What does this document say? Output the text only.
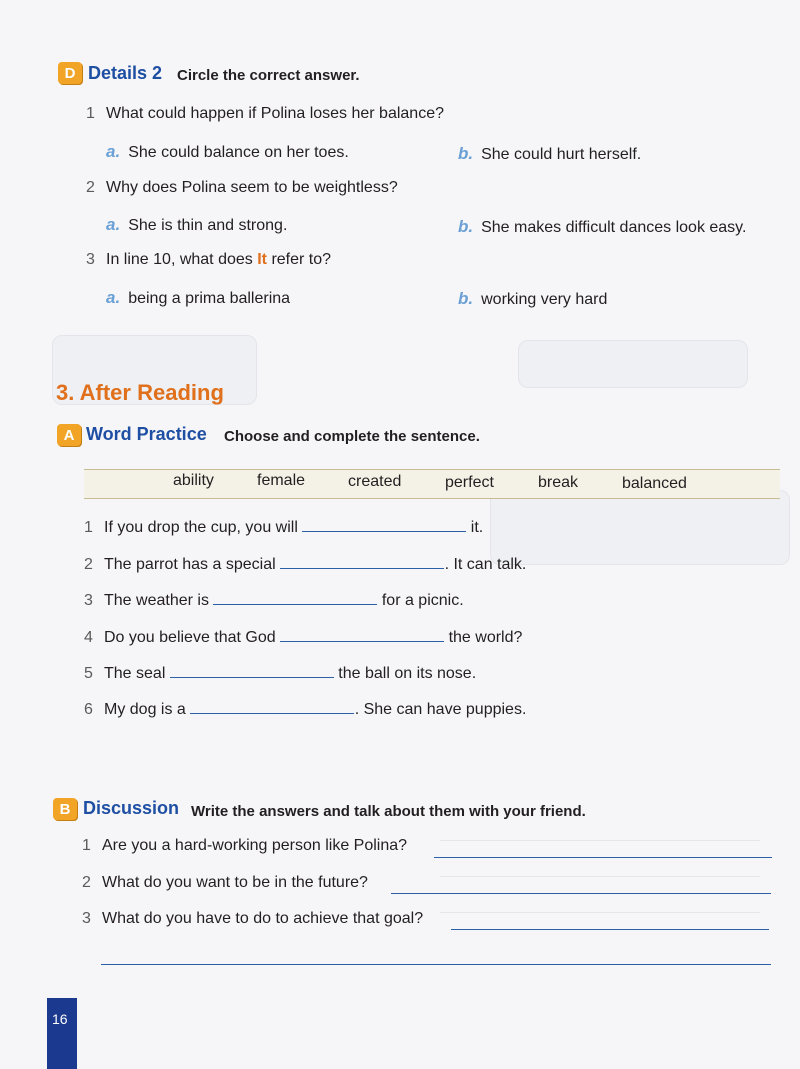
D Details 2 Circle the correct answer.
1 What could happen if Polina loses her balance?
a. She could balance on her toes.	b. She could hurt herself.
2 Why does Polina seem to be weightless?
a. She is thin and strong.	b. She makes difficult dances look easy.
3 In line 10, what does It refer to?
a. being a prima ballerina	b. working very hard
3. After Reading
A Word Practice Choose and complete the sentence.
ability	female	created	perfect	break	balanced
1 If you drop the cup, you will	it.
2 The parrot has a special	. It can talk.
3 The weather is	for a picnic.
4 Do you believe that God	the world?
5 The seal	the ball on its nose.
6 My dog is a	. She can have puppies.
B Discussion Write the answers and talk about them with your friend.
1 Are you a hard-working person like Polina?
2 What do you want to be in the future?
3 What do you have to do to achieve that goal?
16
